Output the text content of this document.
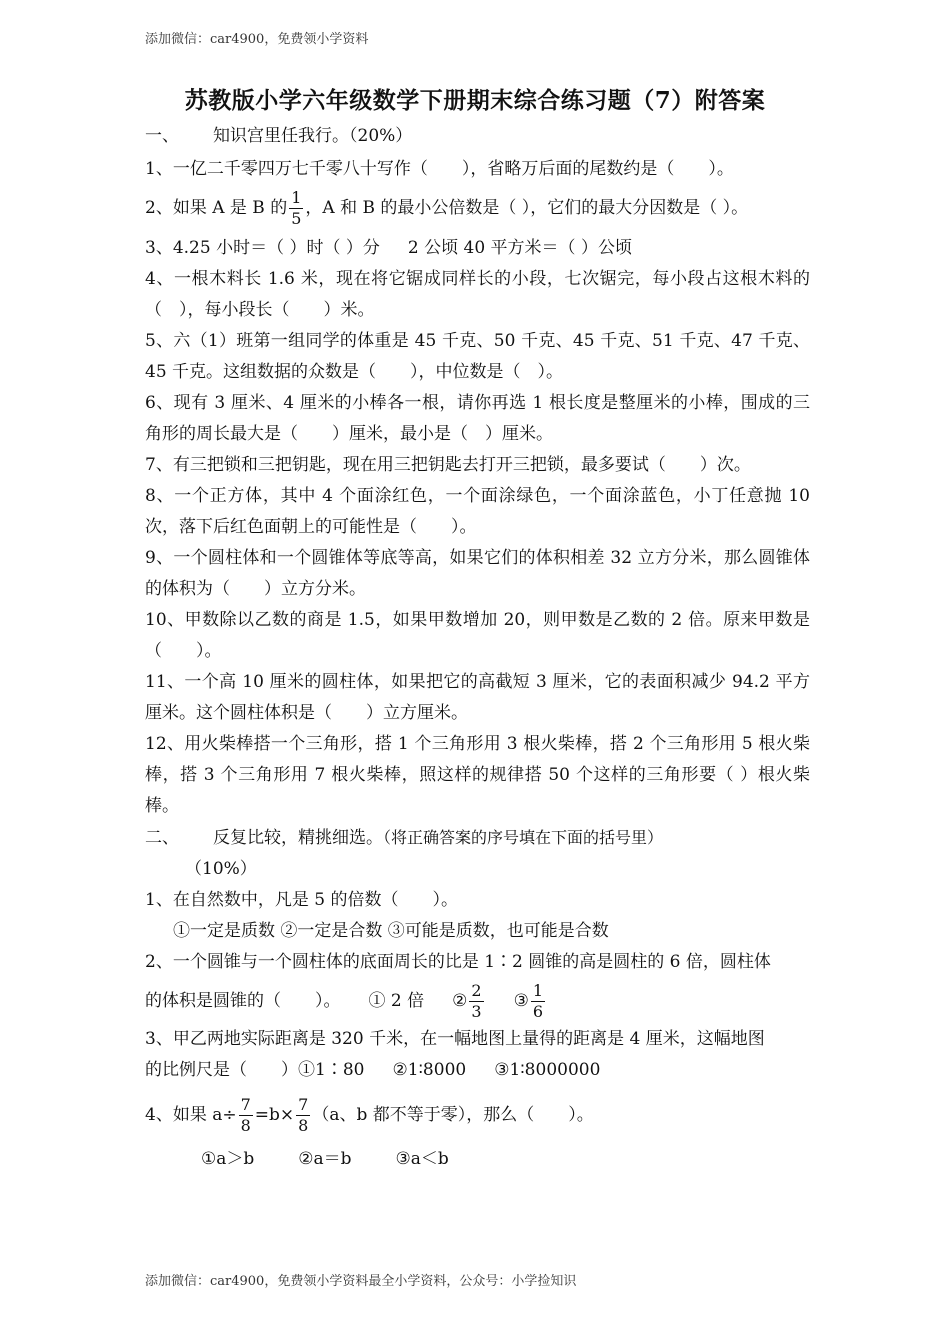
添加微信：car4900，免费领小学资料
苏教版小学六年级数学下册期末综合练习题（7）附答案
一、 知识宫里任我行。（20%）
1、一亿二千零四万七千零八十写作（　　），省略万后面的尾数约是（　　）。
2、如果 A 是 B 的 $\frac{1}{5}$ ，A 和 B 的最小公倍数是（ ），它们的最大分因数是（ ）。
3、4.25 小时＝（ ）时（ ）分 2 公顷 40 平方米＝（ ）公顷
4、一根木料长 1.6 米，现在将它锯成同样长的小段，七次锯完，每小段占这根木料的（　），每小段长（　　）米。
5、六（1）班第一组同学的体重是 45 千克、50 千克、45 千克、51 千克、47 千克、45 千克。这组数据的众数是（　　），中位数是（　）。
6、现有 3 厘米、4 厘米的小棒各一根，请你再选 1 根长度是整厘米的小棒，围成的三角形的周长最大是（　　）厘米，最小是（　）厘米。
7、有三把锁和三把钥匙，现在用三把钥匙去打开三把锁，最多要试（　　）次。
8、一个正方体，其中 4 个面涂红色，一个面涂绿色，一个面涂蓝色，小丁任意抛 10 次，落下后红色面朝上的可能性是（　　）。
9、一个圆柱体和一个圆锥体等底等高，如果它们的体积相差 32 立方分米，那么圆锥体的体积为（　　）立方分米。
10、甲数除以乙数的商是 1.5，如果甲数增加 20，则甲数是乙数的 2 倍。原来甲数是（　　）。
11、一个高 10 厘米的圆柱体，如果把它的高截短 3 厘米，它的表面积减少 94.2 平方厘米。这个圆柱体积是（　　）立方厘米。
12、用火柴棒搭一个三角形，搭 1 个三角形用 3 根火柴棒，搭 2 个三角形用 5 根火柴棒，搭 3 个三角形用 7 根火柴棒，照这样的规律搭 50 个这样的三角形要（ ）根火柴棒。
二、 反复比较，精挑细选。（将正确答案的序号填在下面的括号里）
（10%）
1、在自然数中，凡是 5 的倍数（　　）。
①一定是质数 ②一定是合数 ③可能是质数，也可能是合数
2、一个圆锥与一个圆柱体的底面周长的比是 1∶2 圆锥的高是圆柱的 6 倍，圆柱体
的体积是圆锥的（　　）。 ① 2 倍 ② $\frac{2}{3}$ ③ $\frac{1}{6}$
3、甲乙两地实际距离是 320 千米，在一幅地图上量得的距离是 4 厘米，这幅地图
的比例尺是（　　）①1∶80 ②1∶8000 ③1∶8000000
4、如果 $a\div \frac{7}{8} =b\times \frac{7}{8} (a$、b 都不等于零），那么（　　）。
①a＞b	②a＝b	③a＜b
添加微信：car4900，免费领小学资料最全小学资料，公众号：小学捡知识
